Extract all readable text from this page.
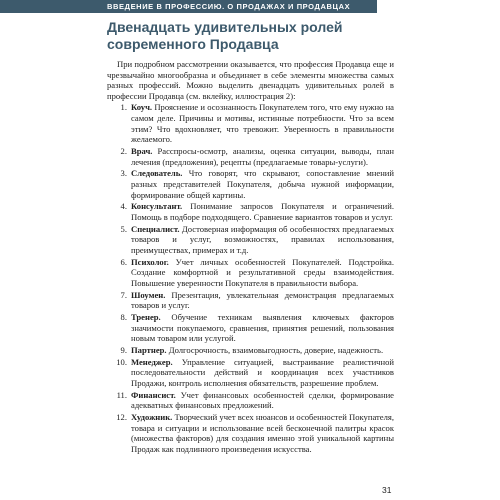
ВВЕДЕНИЕ В ПРОФЕССИЮ. О ПРОДАЖАХ И ПРОДАВЦАХ
Двенадцать удивительных ролей современного Продавца

При подробном рассмотрении оказывается, что профессия Продавца еще и чрезвычайно многообразна и объединяет в себе элементы множества самых разных профессий. Можно выделить двенадцать удивительных ролей в профессии Продавца (см. вклейку, иллюстрация 2):

1. Коуч. Прояснение и осознанность Покупателем того, что ему нужно на самом деле. Причины и мотивы, истинные потребности. Что за всем этим? Что вдохновляет, что тревожит. Уверенность в правильности желаемого.
2. Врач. Расспросы-осмотр, анализы, оценка ситуации, выводы, план лечения (предложения), рецепты (предлагаемые товары-услуги).
3. Следователь. Что говорят, что скрывают, сопоставление мнений разных представителей Покупателя, добыча нужной информации, формирование общей картины.
4. Консультант. Понимание запросов Покупателя и ограничений. Помощь в подборе подходящего. Сравнение вариантов товаров и услуг.
5. Специалист. Достоверная информация об особенностях предлагаемых товаров и услуг, возможностях, правилах использования, преимуществах, примерах и т.д.
6. Психолог. Учет личных особенностей Покупателей. Подстройка. Создание комфортной и результативной среды взаимодействия. Повышение уверенности Покупателя в правильности выбора.
7. Шоумен. Презентация, увлекательная демонстрация предлагаемых товаров и услуг.
8. Тренер. Обучение техникам выявления ключевых факторов значимости покупаемого, сравнения, принятия решений, пользования новым товаром или услугой.
9. Партнер. Долгосрочность, взаимовыгодность, доверие, надежность.
10. Менеджер. Управление ситуацией, выстраивание реалистичной последовательности действий и координация всех участников Продажи, контроль исполнения обязательств, разрешение проблем.
11. Финансист. Учет финансовых особенностей сделки, формирование адекватных финансовых предложений.
12. Художник. Творческий учет всех нюансов и особенностей Покупателя, товара и ситуации и использование всей бесконечной палитры красок (множества факторов) для создания именно этой уникальной картины Продаж как подлинного произведения искусства.
31
